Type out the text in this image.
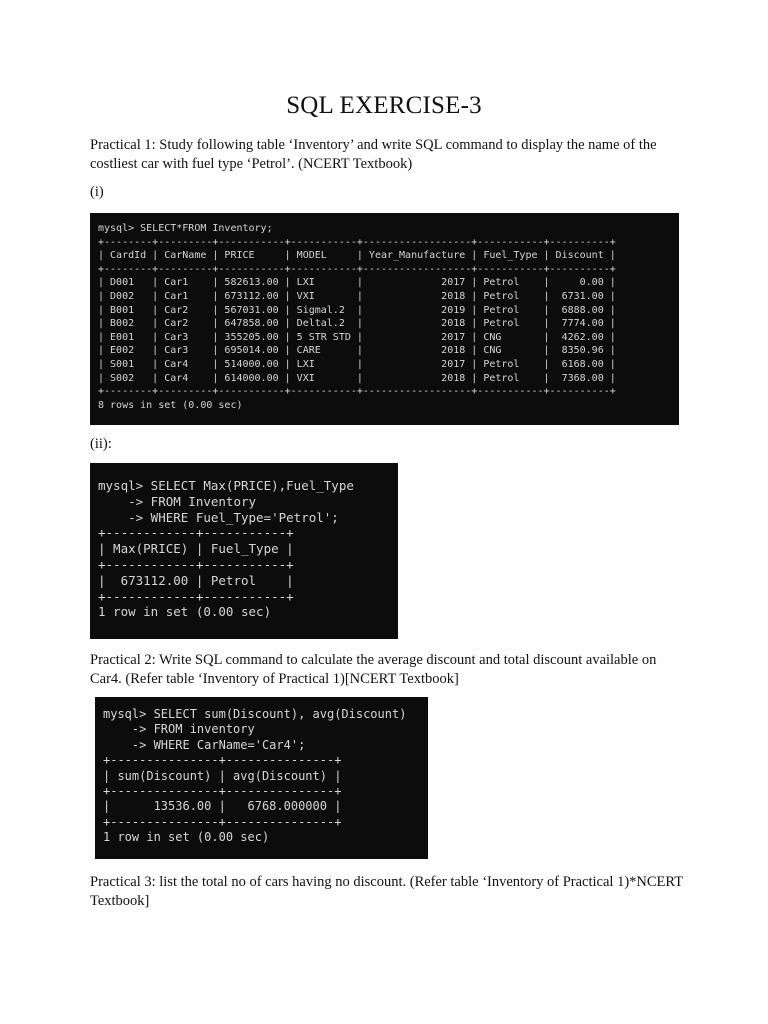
SQL EXERCISE-3
Practical 1: Study following table ‘Inventory’ and write SQL command to display the name of the costliest car with fuel type ‘Petrol’. (NCERT Textbook)
(i)
mysql> SELECT*FROM Inventory;
+--------+---------+-----------+-----------+------------------+-----------+----------+
| CardId | CarName | PRICE     | MODEL     | Year_Manufacture | Fuel_Type | Discount |
+--------+---------+-----------+-----------+------------------+-----------+----------+
| D001   | Car1    | 582613.00 | LXI       |             2017 | Petrol    |     0.00 |
| D002   | Car1    | 673112.00 | VXI       |             2018 | Petrol    |  6731.00 |
| B001   | Car2    | 567031.00 | Sigmal.2  |             2019 | Petrol    |  6888.00 |
| B002   | Car2    | 647858.00 | Deltal.2  |             2018 | Petrol    |  7774.00 |
| E001   | Car3    | 355205.00 | 5 STR STD |             2017 | CNG       |  4262.00 |
| E002   | Car3    | 695014.00 | CARE      |             2018 | CNG       |  8350.96 |
| S001   | Car4    | 514000.00 | LXI       |             2017 | Petrol    |  6168.00 |
| S002   | Car4    | 614000.00 | VXI       |             2018 | Petrol    |  7368.00 |
+--------+---------+-----------+-----------+------------------+-----------+----------+
8 rows in set (0.00 sec)
(ii):
mysql> SELECT Max(PRICE),Fuel_Type
-> FROM Inventory
-> WHERE Fuel_Type='Petrol';
+------------+-----------+
| Max(PRICE) | Fuel_Type |
+------------+-----------+
|  673112.00 | Petrol    |
+------------+-----------+
1 row in set (0.00 sec)
Practical 2: Write SQL command to calculate the average discount and total discount available on Car4. (Refer table ‘Inventory of Practical 1)[NCERT Textbook]
mysql> SELECT sum(Discount), avg(Discount)
-> FROM inventory
-> WHERE CarName='Car4';
+---------------+---------------+
| sum(Discount) | avg(Discount) |
+---------------+---------------+
|      13536.00 |   6768.000000 |
+---------------+---------------+
1 row in set (0.00 sec)
Practical 3: list the total no of cars having no discount. (Refer table ‘Inventory of Practical 1)*NCERT Textbook]
